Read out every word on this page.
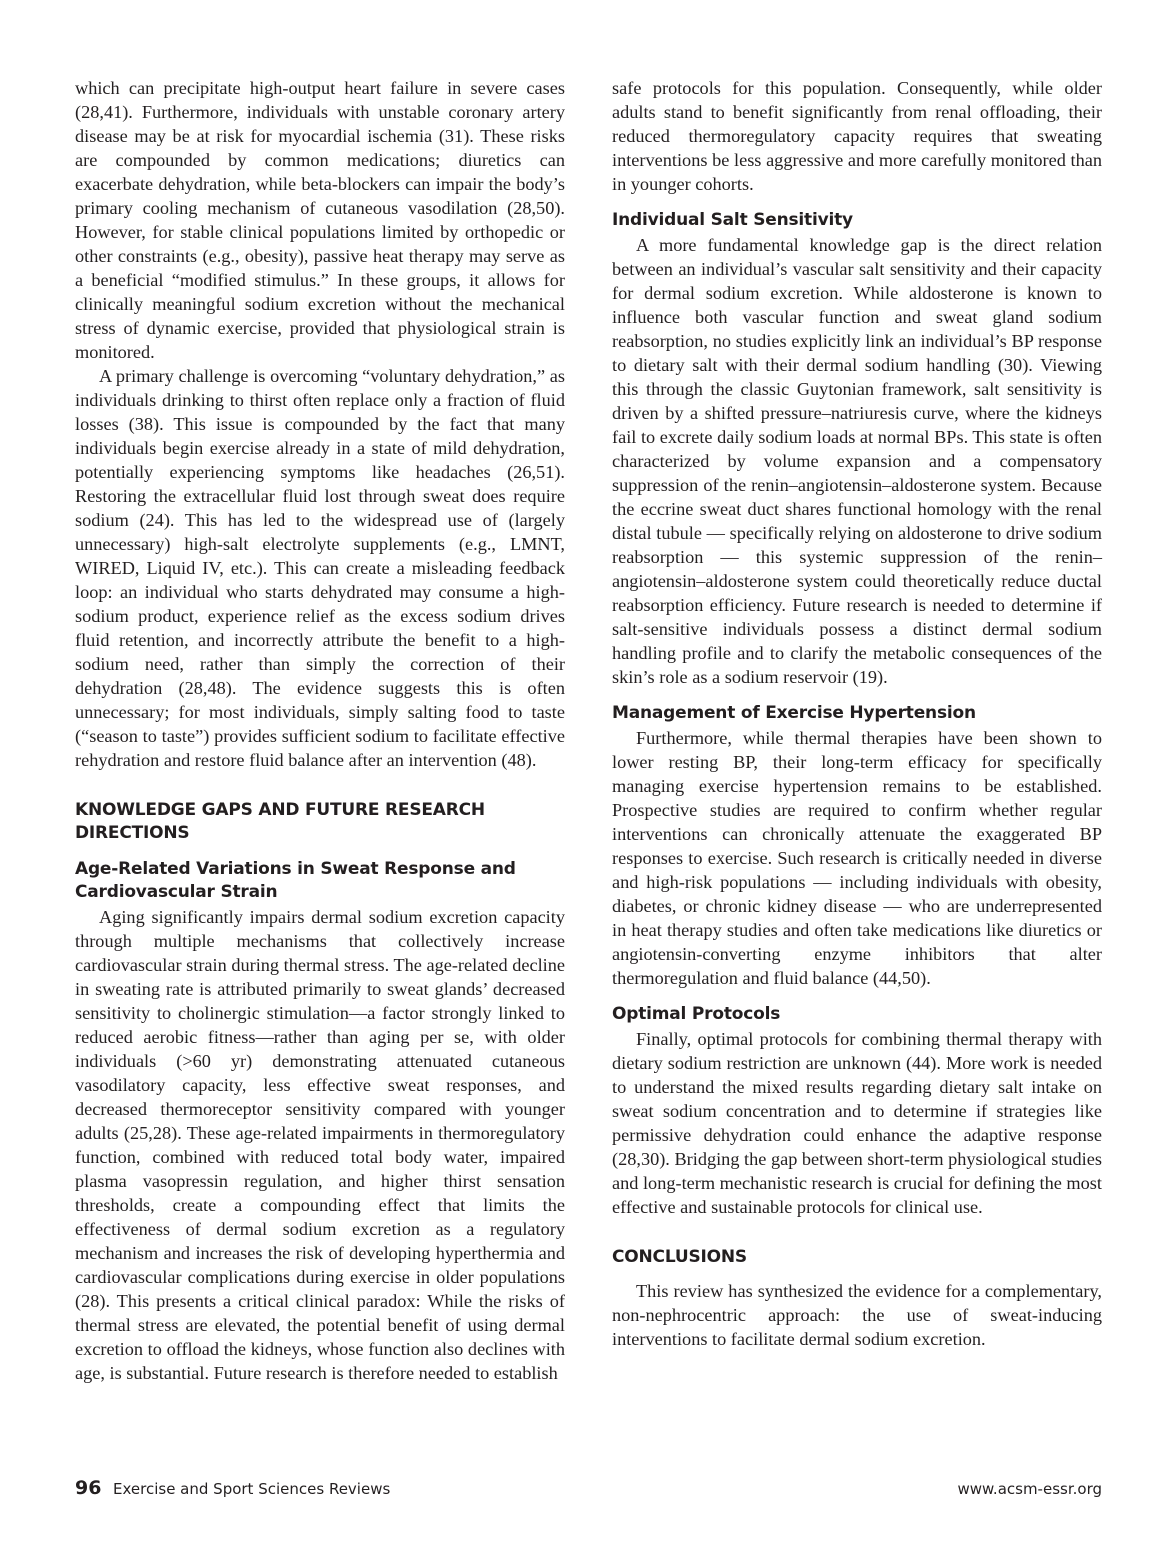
which can precipitate high-output heart failure in severe cases (28,41). Furthermore, individuals with unstable coronary artery disease may be at risk for myocardial ischemia (31). These risks are compounded by common medications; diuretics can exacerbate dehydration, while beta-blockers can impair the body’s primary cooling mechanism of cutaneous vasodilation (28,50). However, for stable clinical populations limited by orthopedic or other constraints (e.g., obesity), passive heat therapy may serve as a beneficial “modified stimulus.” In these groups, it allows for clinically meaningful sodium excretion without the mechanical stress of dynamic exercise, provided that physiological strain is monitored.

A primary challenge is overcoming “voluntary dehydration,” as individuals drinking to thirst often replace only a fraction of fluid losses (38). This issue is compounded by the fact that many individuals begin exercise already in a state of mild dehydration, potentially experiencing symptoms like headaches (26,51). Restoring the extracellular fluid lost through sweat does require sodium (24). This has led to the widespread use of (largely unnecessary) high-salt electrolyte supplements (e.g., LMNT, WIRED, Liquid IV, etc.). This can create a misleading feedback loop: an individual who starts dehydrated may consume a high-sodium product, experience relief as the excess sodium drives fluid retention, and incorrectly attribute the benefit to a high-sodium need, rather than simply the correction of their dehydration (28,48). The evidence suggests this is often unnecessary; for most individuals, simply salting food to taste (“season to taste”) provides sufficient sodium to facilitate effective rehydration and restore fluid balance after an intervention (48).

KNOWLEDGE GAPS AND FUTURE RESEARCH DIRECTIONS
Age-Related Variations in Sweat Response and Cardiovascular Strain

Aging significantly impairs dermal sodium excretion capacity through multiple mechanisms that collectively increase cardiovascular strain during thermal stress. The age-related decline in sweating rate is attributed primarily to sweat glands’ decreased sensitivity to cholinergic stimulation—a factor strongly linked to reduced aerobic fitness—rather than aging per se, with older individuals (>60 yr) demonstrating attenuated cutaneous vasodilatory capacity, less effective sweat responses, and decreased thermoreceptor sensitivity compared with younger adults (25,28). These age-related impairments in thermoregulatory function, combined with reduced total body water, impaired plasma vasopressin regulation, and higher thirst sensation thresholds, create a compounding effect that limits the effectiveness of dermal sodium excretion as a regulatory mechanism and increases the risk of developing hyperthermia and cardiovascular complications during exercise in older populations (28). This presents a critical clinical paradox: While the risks of thermal stress are elevated, the potential benefit of using dermal excretion to offload the kidneys, whose function also declines with age, is substantial. Future research is therefore needed to establish

safe protocols for this population. Consequently, while older adults stand to benefit significantly from renal offloading, their reduced thermoregulatory capacity requires that sweating interventions be less aggressive and more carefully monitored than in younger cohorts.

Individual Salt Sensitivity

A more fundamental knowledge gap is the direct relation between an individual’s vascular salt sensitivity and their capacity for dermal sodium excretion. While aldosterone is known to influence both vascular function and sweat gland sodium reabsorption, no studies explicitly link an individual’s BP response to dietary salt with their dermal sodium handling (30). Viewing this through the classic Guytonian framework, salt sensitivity is driven by a shifted pressure–natriuresis curve, where the kidneys fail to excrete daily sodium loads at normal BPs. This state is often characterized by volume expansion and a compensatory suppression of the renin–angiotensin–aldosterone system. Because the eccrine sweat duct shares functional homology with the renal distal tubule — specifically relying on aldosterone to drive sodium reabsorption — this systemic suppression of the renin–angiotensin–aldosterone system could theoretically reduce ductal reabsorption efficiency. Future research is needed to determine if salt-sensitive individuals possess a distinct dermal sodium handling profile and to clarify the metabolic consequences of the skin’s role as a sodium reservoir (19).

Management of Exercise Hypertension

Furthermore, while thermal therapies have been shown to lower resting BP, their long-term efficacy for specifically managing exercise hypertension remains to be established. Prospective studies are required to confirm whether regular interventions can chronically attenuate the exaggerated BP responses to exercise. Such research is critically needed in diverse and high-risk populations — including individuals with obesity, diabetes, or chronic kidney disease — who are underrepresented in heat therapy studies and often take medications like diuretics or angiotensin-converting enzyme inhibitors that alter thermoregulation and fluid balance (44,50).

Optimal Protocols

Finally, optimal protocols for combining thermal therapy with dietary sodium restriction are unknown (44). More work is needed to understand the mixed results regarding dietary salt intake on sweat sodium concentration and to determine if strategies like permissive dehydration could enhance the adaptive response (28,30). Bridging the gap between short-term physiological studies and long-term mechanistic research is crucial for defining the most effective and sustainable protocols for clinical use.

CONCLUSIONS

This review has synthesized the evidence for a complementary, non-nephrocentric approach: the use of sweat-inducing interventions to facilitate dermal sodium excretion.

96 Exercise and Sport Sciences Reviews	www.acsm-essr.org
